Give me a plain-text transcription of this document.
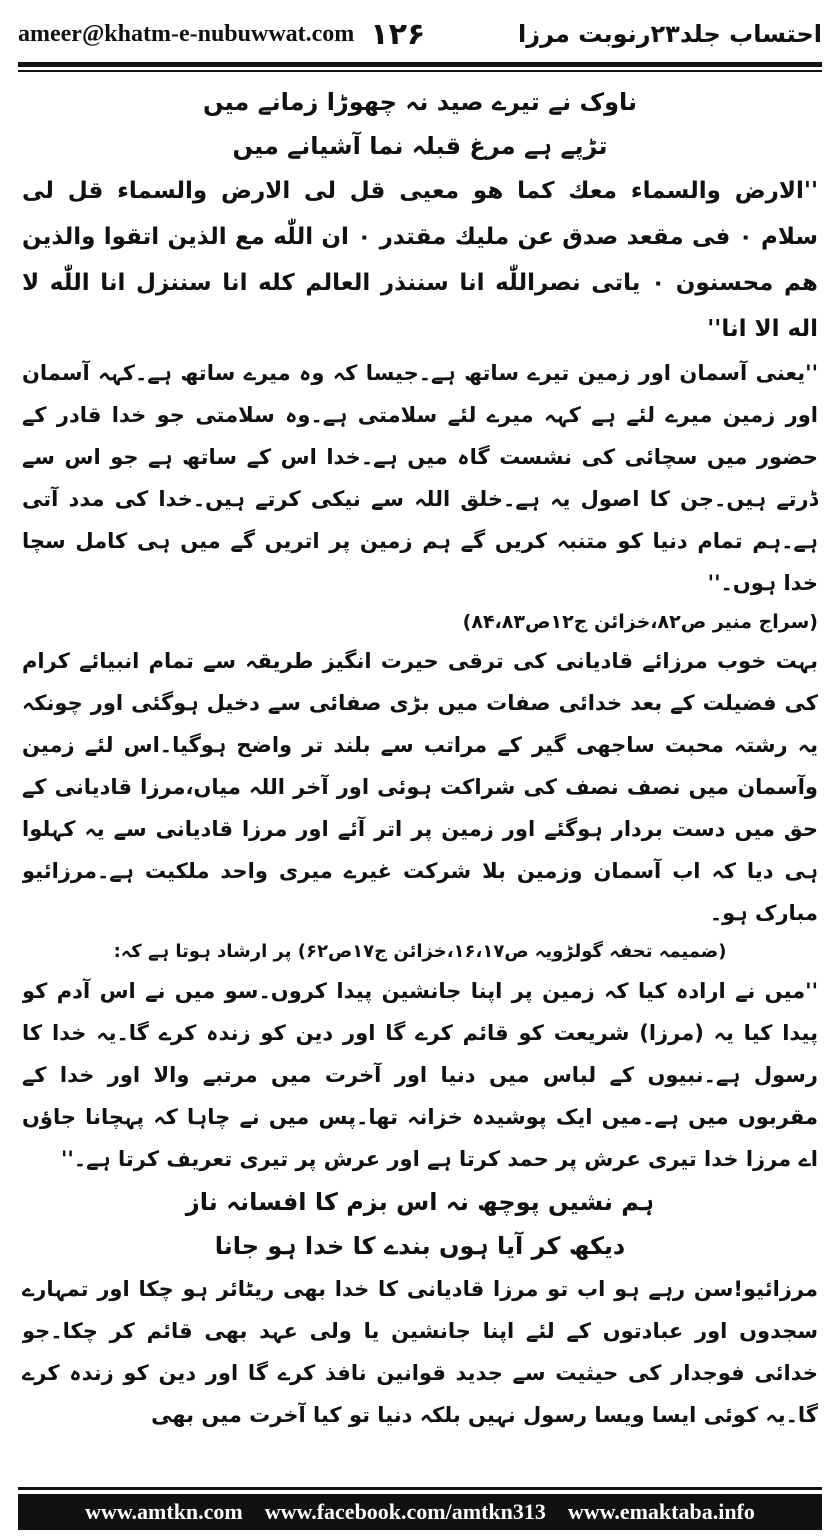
ameer@khatm-e-nubuwwat.com ۱۲۶	احتساب جلد۲۳رنوبت مرزا
ناوک نے تیرے صید نہ چھوڑا زمانے میں
تڑپے ہے مرغ قبلہ نما آشیانے میں
''الارض والسماء معك كما هو معيى قل لى الارض والسماء قل لى سلام ۰ فى مقعد صدق عن مليك مقتدر ۰ ان اللّٰه مع الذين اتقوا والذين هم محسنون ۰ ياتى نصراللّٰه انا سننذر العالم كله انا سننزل انا اللّٰه لا اله الا انا''
''یعنی آسمان اور زمین تیرے ساتھ ہے۔جیسا کہ وہ میرے ساتھ ہے۔کہہ آسمان اور زمین میرے لئے ہے کہہ میرے لئے سلامتی ہے۔وہ سلامتی جو خدا قادر کے حضور میں سچائی کی نشست گاہ میں ہے۔خدا اس کے ساتھ ہے جو اس سے ڈرتے ہیں۔جن کا اصول یہ ہے۔خلق اللہ سے نیکی کرتے ہیں۔خدا کی مدد آتی ہے۔ہم تمام دنیا کو متنبہ کریں گے ہم زمین پر اتریں گے میں ہی کامل سچا خدا ہوں۔''
(سراج منیر ص۸۲،خزائن ج۱۲ص۸۴،۸۳)
بہت خوب مرزائے قادیانی کی ترقی حیرت انگیز طریقہ سے تمام انبیائے کرام کی فضیلت کے بعد خدائی صفات میں بڑی صفائی سے دخیل ہوگئی اور چونکہ یہ رشتہ محبت ساجھی گیر کے مراتب سے بلند تر واضح ہوگیا۔اس لئے زمین وآسمان میں نصف نصف کی شراکت ہوئی اور آخر اللہ میاں،مرزا قادیانی کے حق میں دست بردار ہوگئے اور زمین پر اتر آئے اور مرزا قادیانی سے یہ کہلوا ہی دیا کہ اب آسمان وزمین بلا شرکت غیرے میری واحد ملکیت ہے۔مرزائیو مبارک ہو۔
(ضمیمہ تحفہ گولڑویہ ص۱۶،۱۷،خزائن ج۱۷ص۶۲) پر ارشاد ہوتا ہے کہ:
''میں نے ارادہ کیا کہ زمین پر اپنا جانشین پیدا کروں۔سو میں نے اس آدم کو پیدا کیا یہ (مرزا) شریعت کو قائم کرے گا اور دین کو زندہ کرے گا۔یہ خدا کا رسول ہے۔نبیوں کے لباس میں دنیا اور آخرت میں مرتبے والا اور خدا کے مقربوں میں ہے۔میں ایک پوشیدہ خزانہ تھا۔پس میں نے چاہا کہ پہچانا جاؤں اے مرزا خدا تیری عرش پر حمد کرتا ہے اور عرش پر تیری تعریف کرتا ہے۔''
ہم نشیں پوچھ نہ اس بزم کا افسانہ ناز
دیکھ کر آیا ہوں بندے کا خدا ہو جانا
مرزائیو!سن رہے ہو اب تو مرزا قادیانی کا خدا بھی ریٹائر ہو چکا اور تمہارے سجدوں اور عبادتوں کے لئے اپنا جانشین یا ولی عہد بھی قائم کر چکا۔جو خدائی فوجدار کی حیثیت سے جدید قوانین نافذ کرے گا اور دین کو زندہ کرے گا۔یہ کوئی ایسا ویسا رسول نہیں بلکہ دنیا تو کیا آخرت میں بھی
www.amtkn.com www.facebook.com/amtkn313 www.emaktaba.info
